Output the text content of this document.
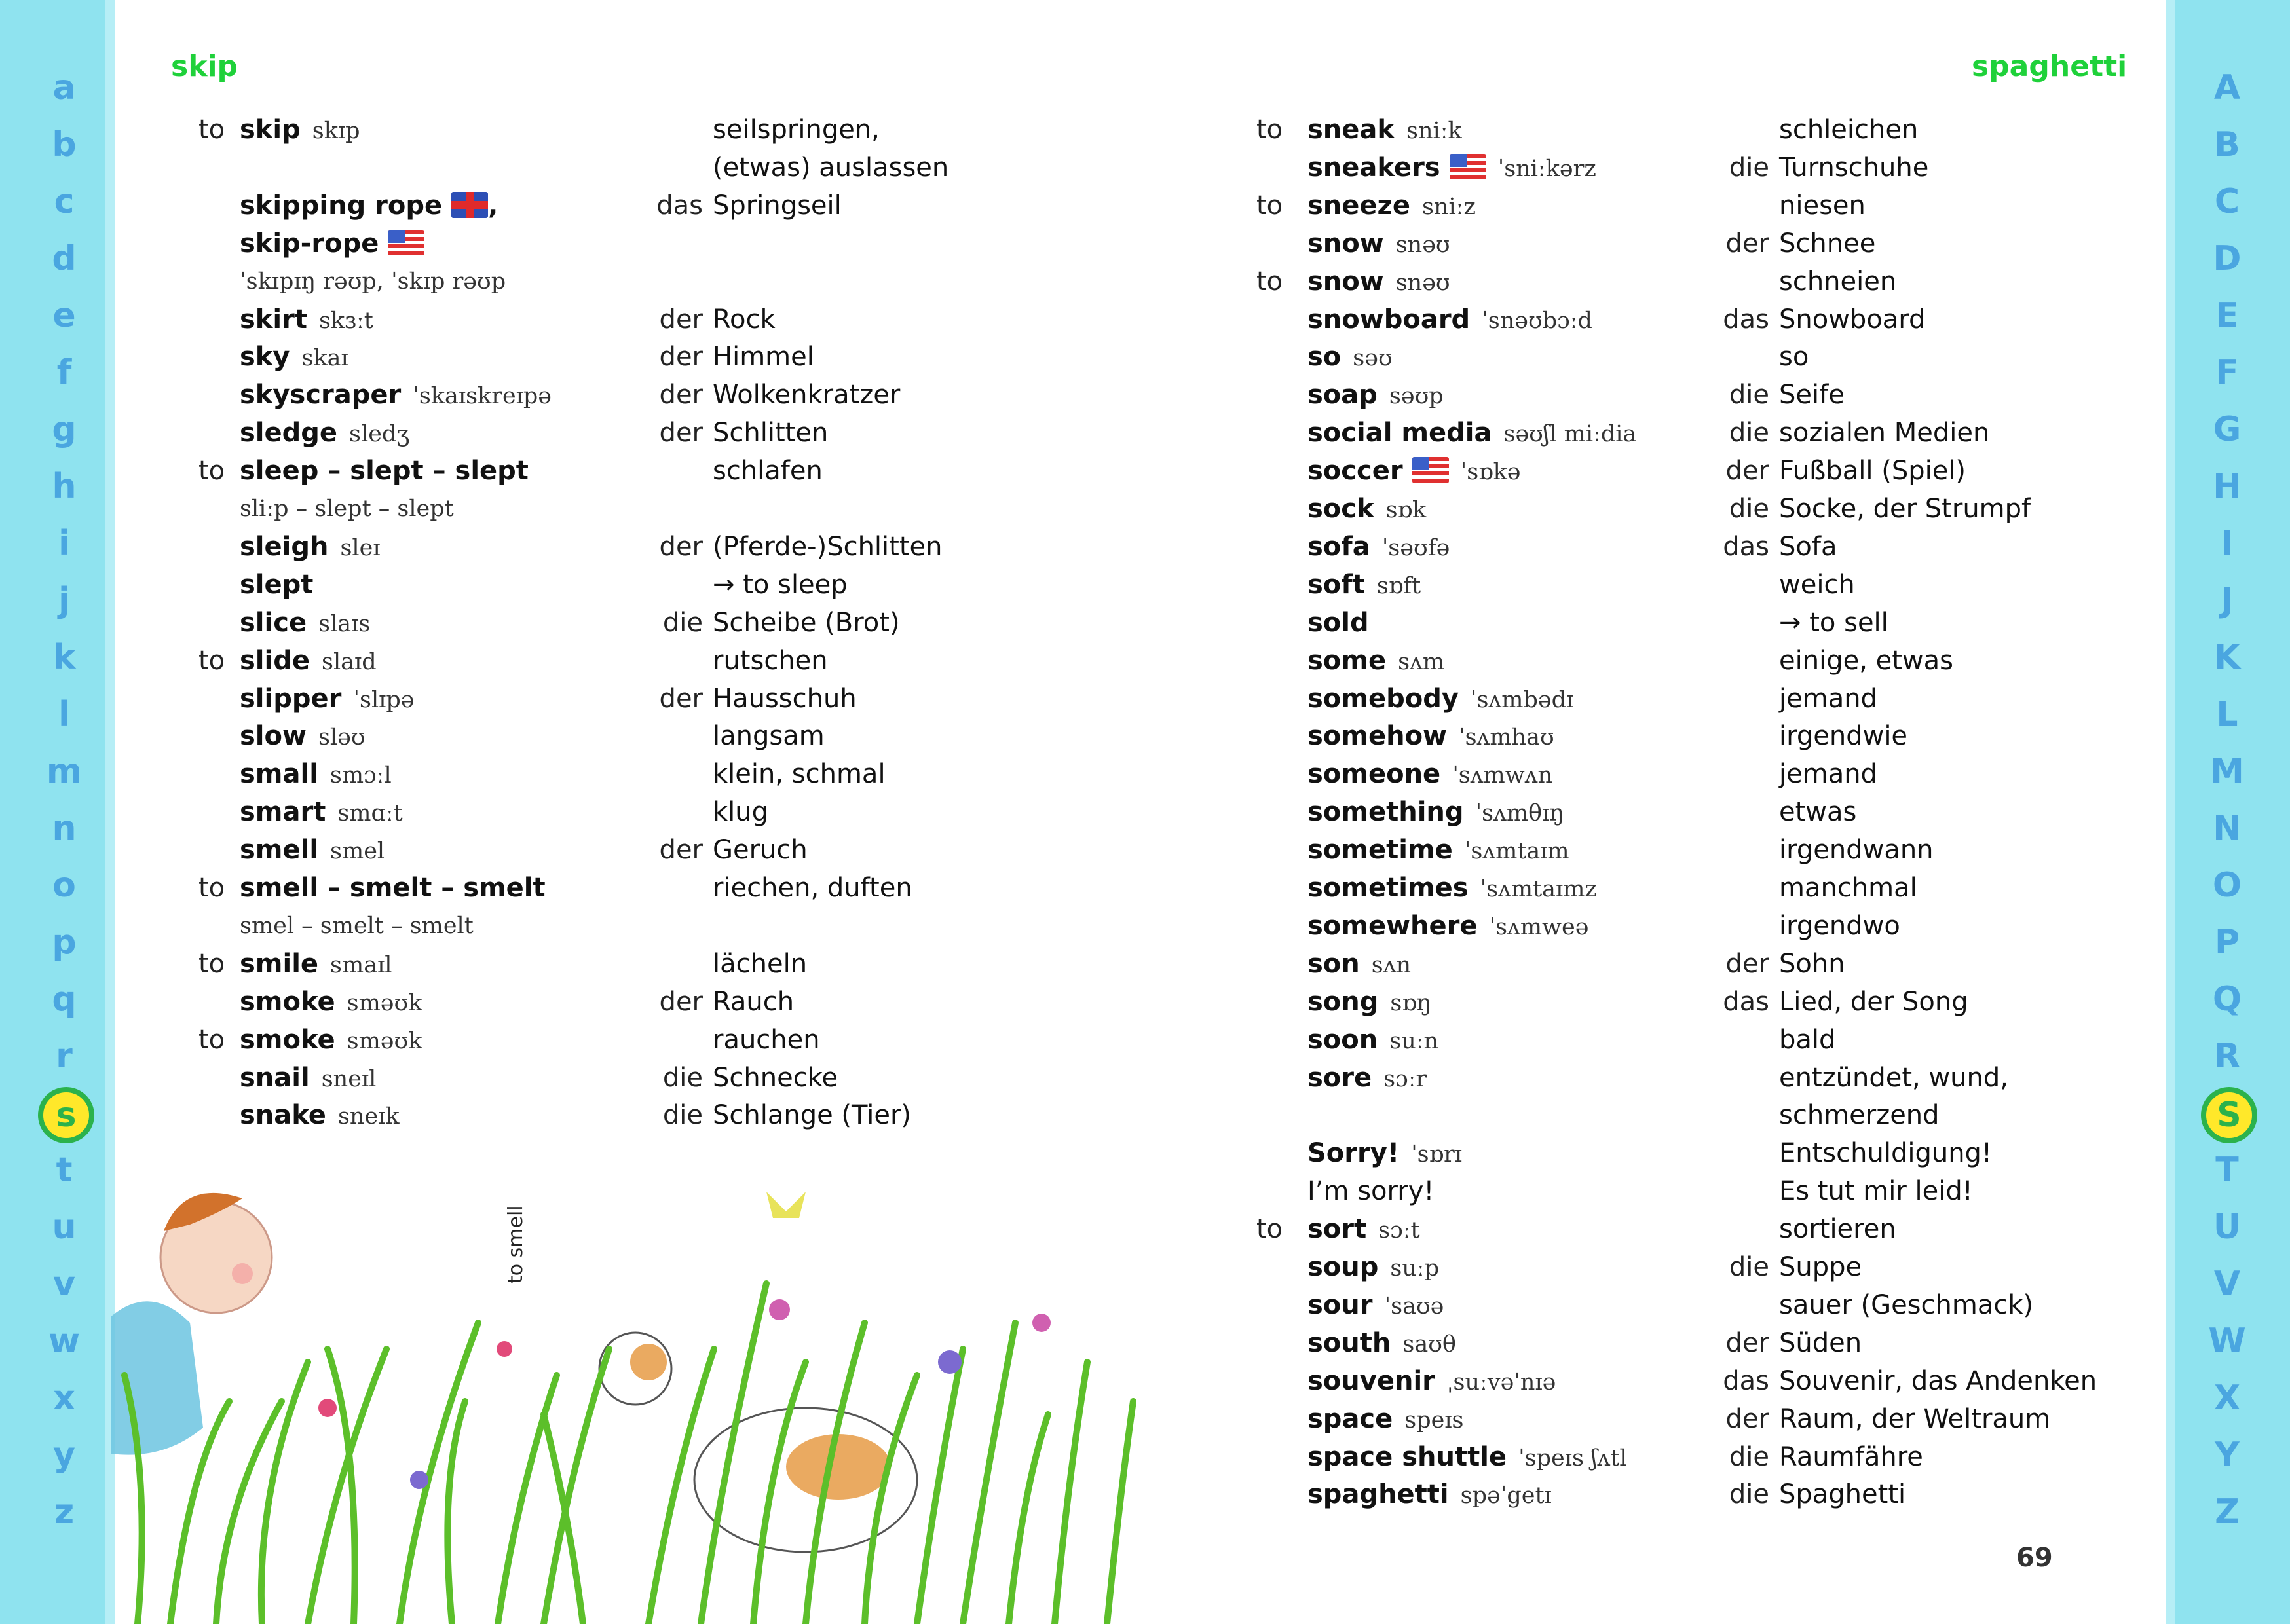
a
b
c
d
e
f
g
h
i
j
k
l
m
n
o
p
q
r
s
t
u
v
w
x
y
z
A
B
C
D
E
F
G
H
I
J
K
L
M
N
O
P
Q
R
S
T
U
V
W
X
Y
Z
skip	spaghetti
to skip skɪp	seilspringen,
(etwas) auslassen
skipping rope ,	das Springseil
skip-rope
ˈskɪpɪŋ rəʊp, ˈskɪp rəʊp
skirt skɜːt	der Rock
sky skaɪ	der Himmel
skyscraper ˈskaɪskreɪpə	der Wolkenkratzer
sledge sledʒ	der Schlitten
to sleep – slept – slept	schlafen
sliːp – slept – slept
sleigh sleɪ	der (Pferde-)Schlitten
slept	→ to sleep
slice slaɪs	die Scheibe (Brot)
to slide slaɪd	rutschen
slipper ˈslɪpə	der Hausschuh
slow sləʊ	langsam
small smɔːl	klein, schmal
smart smɑːt	klug
smell smel	der Geruch
to smell – smelt – smelt	riechen, duften
smel – smelt – smelt
to smile smaɪl	lächeln
smoke sməʊk	der Rauch
to smoke sməʊk	rauchen
snail sneɪl	die Schnecke
snake sneɪk	die Schlange (Tier)
to sneak sniːk	schleichen
sneakers	ˈsniːkərz	die Turnschuhe
to sneeze sniːz	niesen
snow snəʊ	der Schnee
to snow snəʊ	schneien
snowboard ˈsnəʊbɔːd	das Snowboard
so səʊ	so
soap səʊp	die Seife
social media səʊʃl miːdia	die sozialen Medien
soccer	ˈsɒkə	der Fußball (Spiel)
sock sɒk	die Socke, der Strumpf
sofa ˈsəʊfə	das Sofa
soft sɒft	weich
sold	→ to sell
some sʌm	einige, etwas
somebody ˈsʌmbədɪ	jemand
somehow ˈsʌmhaʊ	irgendwie
someone ˈsʌmwʌn	jemand
something ˈsʌmθɪŋ	etwas
sometime ˈsʌmtaɪm	irgendwann
sometimes ˈsʌmtaɪmz	manchmal
somewhere ˈsʌmweə	irgendwo
son sʌn	der Sohn
song sɒŋ	das Lied, der Song
soon suːn	bald
sore sɔːr	entzündet, wund,
schmerzend
Sorry! ˈsɒrɪ	Entschuldigung!
I’m sorry!	Es tut mir leid!
to sort sɔːt	sortieren
soup suːp	die Suppe
sour ˈsaʊə	sauer (Geschmack)
south saʊθ	der Süden
souvenir ˌsuːvəˈnɪə	das Souvenir, das Andenken
space speɪs	der Raum, der Weltraum
space shuttle ˈspeɪs ʃʌtl	die Raumfähre
spaghetti spəˈgetɪ	die Spaghetti
to smell
69
